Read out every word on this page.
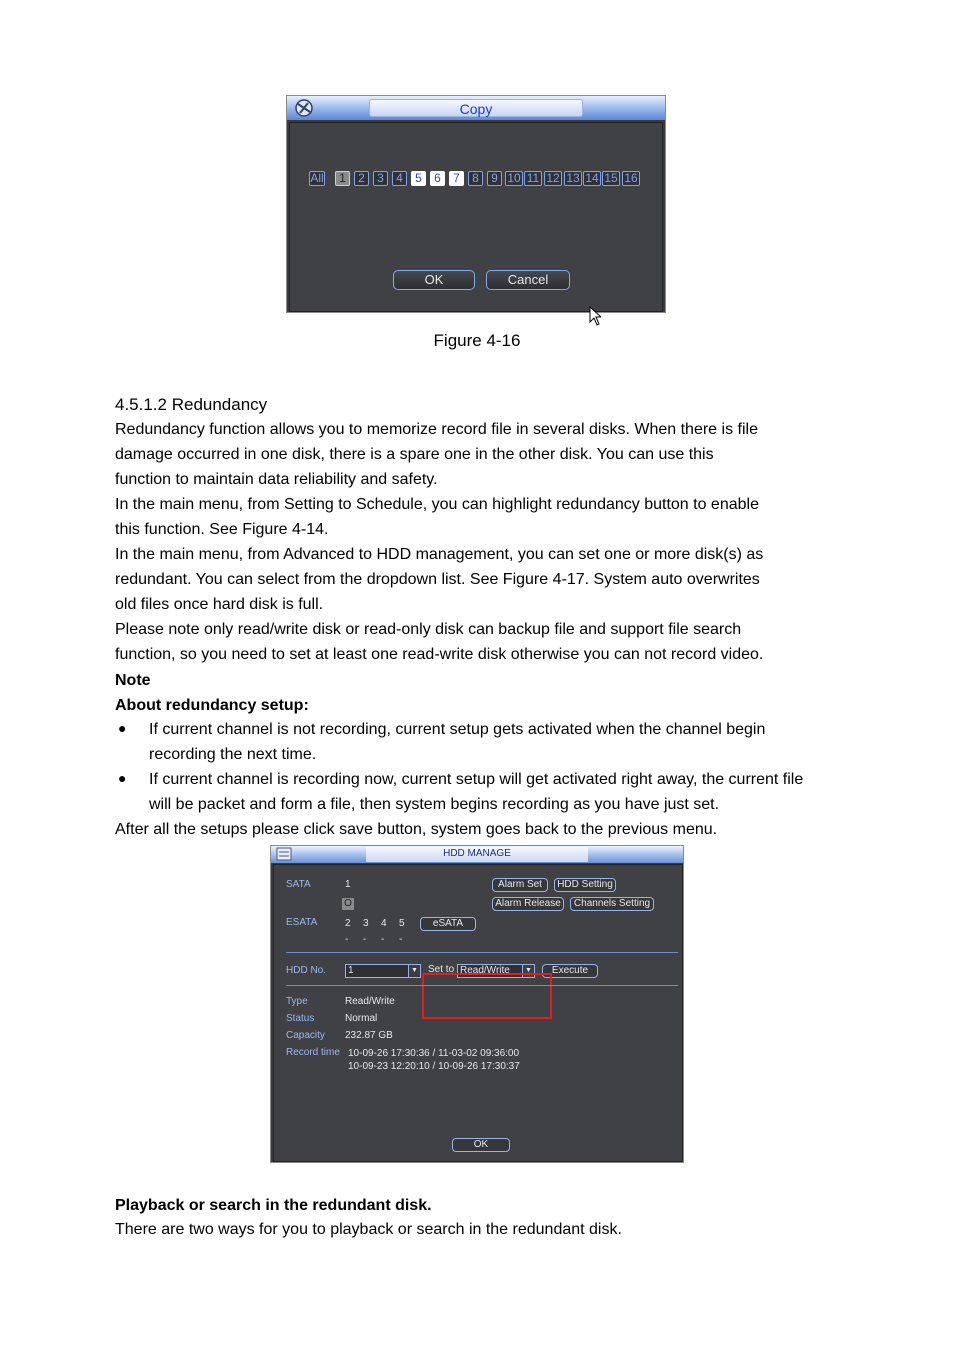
Copy
All
OK	Cancel
1	2	3	4	5	6	7	8	9 10 11 12 13 14 15 16
Figure 4-16
4.5.1.2 Redundancy
Redundancy function allows you to memorize record file in several disks. When there is file
damage occurred in one disk, there is a spare one in the other disk. You can use this
function to maintain data reliability and safety.
In the main menu, from Setting to Schedule, you can highlight redundancy button to enable
this function. See Figure 4-14.
In the main menu, from Advanced to HDD management, you can set one or more disk(s) as
redundant. You can select from the dropdown list. See Figure 4-17. System auto overwrites
old files once hard disk is full.
Please note only read/write disk or read-only disk can backup file and support file search
function, so you need to set at least one read-write disk otherwise you can not record video.
Note
About redundancy setup:
● If current channel is not recording, current setup gets activated when the channel begin
recording the next time.
● If current channel is recording now, current setup will get activated right away, the current file
will be packet and form a file, then system begins recording as you have just set.
After all the setups please click save button, system goes back to the previous menu.
HDD MANAGE
SATA	1
O
ESATA	2 3 4 5
- - - -
eSATA
Alarm Set	HDD Setting
Alarm Release	Channels Setting
HDD No.	1	▼ Set to Read/Write	▼	Execute
Type	Read/Write
Status	Normal
Capacity 232.87 GB
Record time 10-09-26 17:30:36 / 11-03-02 09:36:00
10-09-23 12:20:10 / 10-09-26 17:30:37
OK
Playback or search in the redundant disk.
There are two ways for you to playback or search in the redundant disk.
